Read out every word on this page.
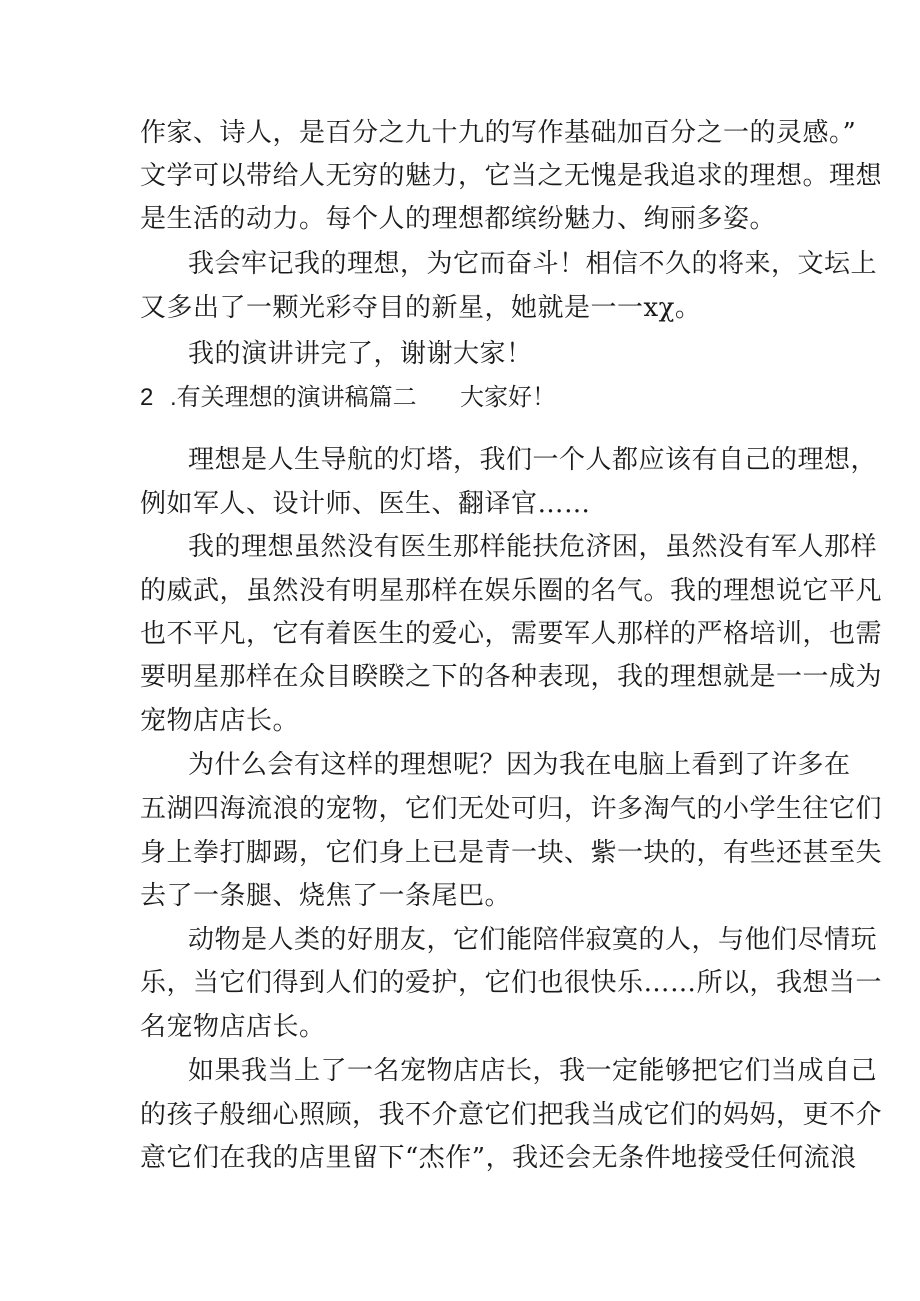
作家、诗人，是百分之九十九的写作基础加百分之一的灵感。”
文学可以带给人无穷的魅力，它当之无愧是我追求的理想。理想
是生活的动力。每个人的理想都缤纷魅力、绚丽多姿。
我会牢记我的理想，为它而奋斗！相信不久的将来，文坛上
又多出了一颗光彩夺目的新星，她就是一一xχ。
我的演讲讲完了，谢谢大家！
2 .有关理想的演讲稿篇二 大家好！
理想是人生导航的灯塔，我们一个人都应该有自己的理想，
例如军人、设计师、医生、翻译官……
我的理想虽然没有医生那样能扶危济困，虽然没有军人那样
的威武，虽然没有明星那样在娱乐圈的名气。我的理想说它平凡
也不平凡，它有着医生的爱心，需要军人那样的严格培训，也需
要明星那样在众目睽睽之下的各种表现，我的理想就是一一成为
宠物店店长。
为什么会有这样的理想呢？因为我在电脑上看到了许多在
五湖四海流浪的宠物，它们无处可归，许多淘气的小学生往它们
身上拳打脚踢，它们身上已是青一块、紫一块的，有些还甚至失
去了一条腿、烧焦了一条尾巴。
动物是人类的好朋友，它们能陪伴寂寞的人，与他们尽情玩
乐，当它们得到人们的爱护，它们也很快乐……所以，我想当一
名宠物店店长。
如果我当上了一名宠物店店长，我一定能够把它们当成自己
的孩子般细心照顾，我不介意它们把我当成它们的妈妈，更不介
意它们在我的店里留下“杰作”，我还会无条件地接受任何流浪
